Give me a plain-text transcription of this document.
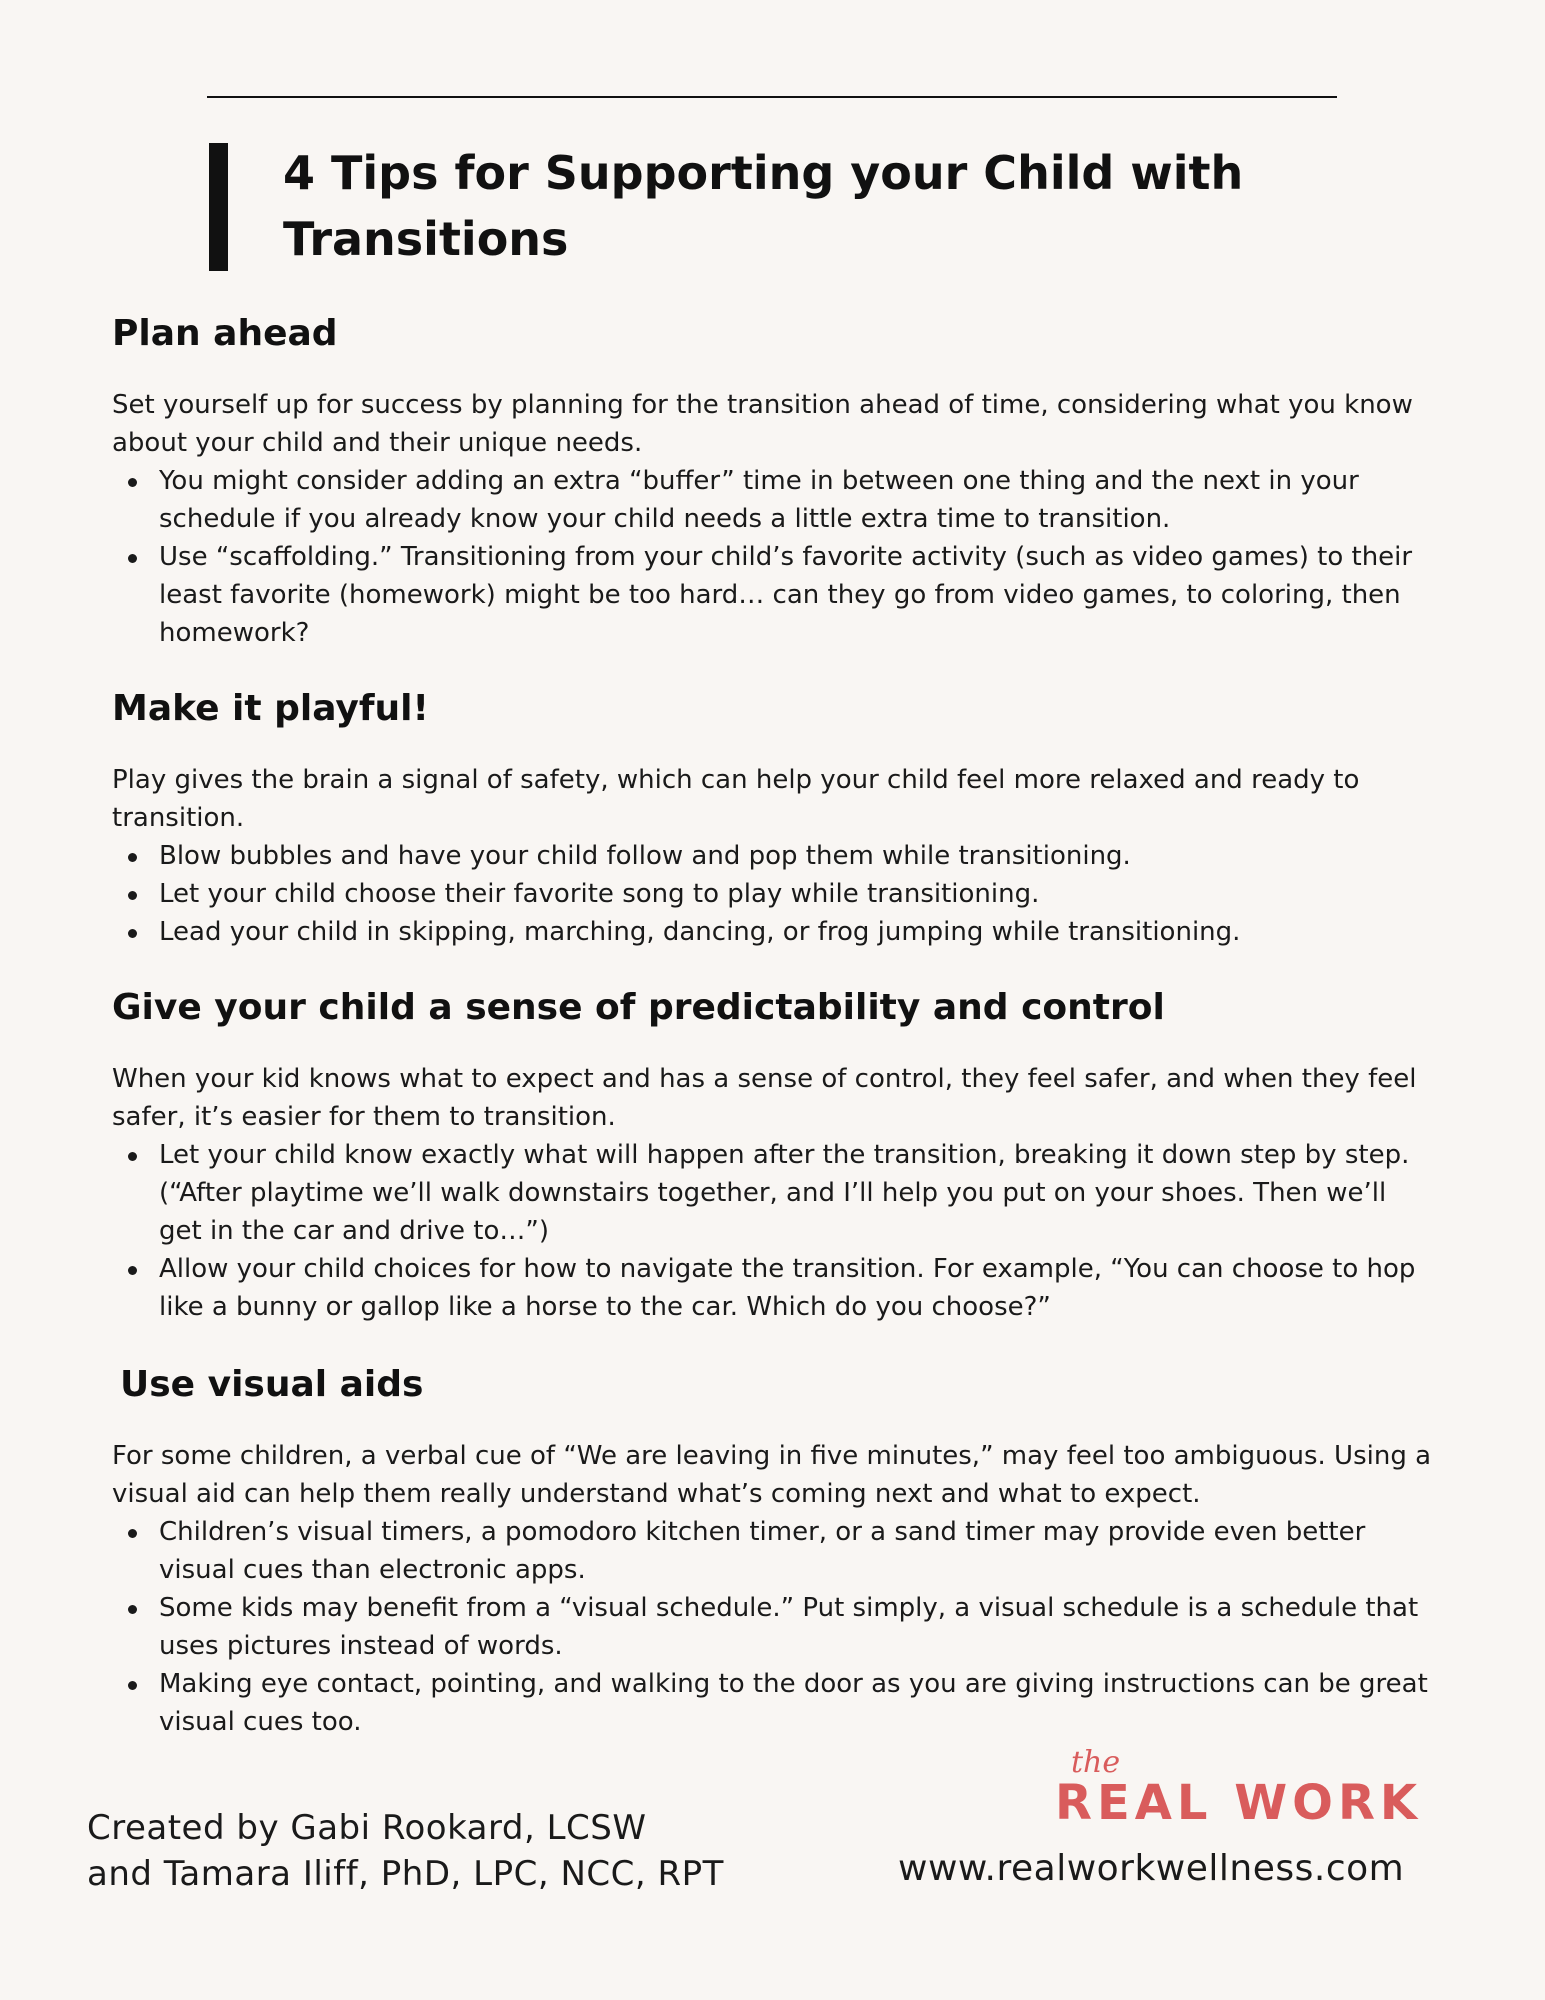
4 Tips for Supporting your Child with Transitions
Plan ahead

Set yourself up for success by planning for the transition ahead of time, considering what you know about your child and their unique needs.

You might consider adding an extra “buffer” time in between one thing and the next in your schedule if you already know your child needs a little extra time to transition.
Use “scaffolding.” Transitioning from your child’s favorite activity (such as video games) to their least favorite (homework) might be too hard… can they go from video games, to coloring, then homework?
Make it playful!

Play gives the brain a signal of safety, which can help your child feel more relaxed and ready to transition.

Blow bubbles and have your child follow and pop them while transitioning.
Let your child choose their favorite song to play while transitioning.
Lead your child in skipping, marching, dancing, or frog jumping while transitioning.
Give your child a sense of predictability and control

When your kid knows what to expect and has a sense of control, they feel safer, and when they feel safer, it’s easier for them to transition.

Let your child know exactly what will happen after the transition, breaking it down step by step. (“After playtime we’ll walk downstairs together, and I’ll help you put on your shoes. Then we’ll get in the car and drive to…”)
Allow your child choices for how to navigate the transition. For example, “You can choose to hop like a bunny or gallop like a horse to the car. Which do you choose?”
Use visual aids

For some children, a verbal cue of “We are leaving in five minutes,” may feel too ambiguous. Using a visual aid can help them really understand what’s coming next and what to expect.

Children’s visual timers, a pomodoro kitchen timer, or a sand timer may provide even better visual cues than electronic apps.
Some kids may benefit from a “visual schedule.” Put simply, a visual schedule is a schedule that uses pictures instead of words.
Making eye contact, pointing, and walking to the door as you are giving instructions can be great visual cues too.
Created by Gabi Rookard, LCSW
and Tamara Iliff, PhD, LPC, NCC, RPT
the
REAL WORK
www.realworkwellness.com
